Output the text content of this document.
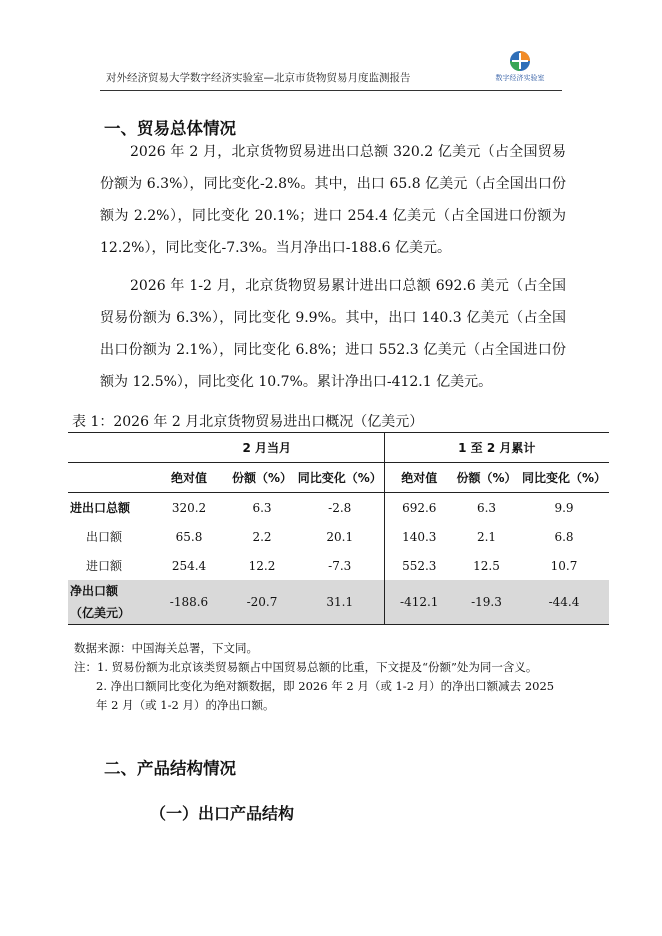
对外经济贸易大学数字经济实验室—北京市货物贸易月度监测报告	数字经济实验室
一、贸易总体情况

2026 年 2 月，北京货物贸易进出口总额 320.2 亿美元（占全国贸易份额为 6.3%），同比变化-2.8%。其中，出口 65.8 亿美元（占全国出口份额为 2.2%），同比变化 20.1%；进口 254.4 亿美元（占全国进口份额为 12.2%），同比变化-7.3%。当月净出口-188.6 亿美元。

2026 年 1-2 月，北京货物贸易累计进出口总额 692.6 美元（占全国贸易份额为 6.3%），同比变化 9.9%。其中，出口 140.3 亿美元（占全国出口份额为 2.1%），同比变化 6.8%；进口 552.3 亿美元（占全国进口份额为 12.5%），同比变化 10.7%。累计净出口-412.1 亿美元。

表 1：2026 年 2 月北京货物贸易进出口概况（亿美元）
	2 月当月			1 至 2 月累计		
	绝对值	份额（%）	同比变化（%）	绝对值	份额（%）	同比变化（%）
进出口总额	320.2	6.3	-2.8	692.6	6.3	9.9
出口额	65.8	2.2	20.1	140.3	2.1	6.8
进口额	254.4	12.2	-7.3	552.3	12.5	10.7
净出口额
（亿美元）	-188.6	-20.7	31.1	-412.1	-19.3	-44.4

数据来源：中国海关总署，下文同。

注：1. 贸易份额为北京该类贸易额占中国贸易总额的比重，下文提及“份额”处为同一含义。

2. 净出口额同比变化为绝对额数据，即 2026 年 2 月（或 1-2 月）的净出口额减去 2025 年 2 月（或 1-2 月）的净出口额。

二、产品结构情况
（一）出口产品结构
